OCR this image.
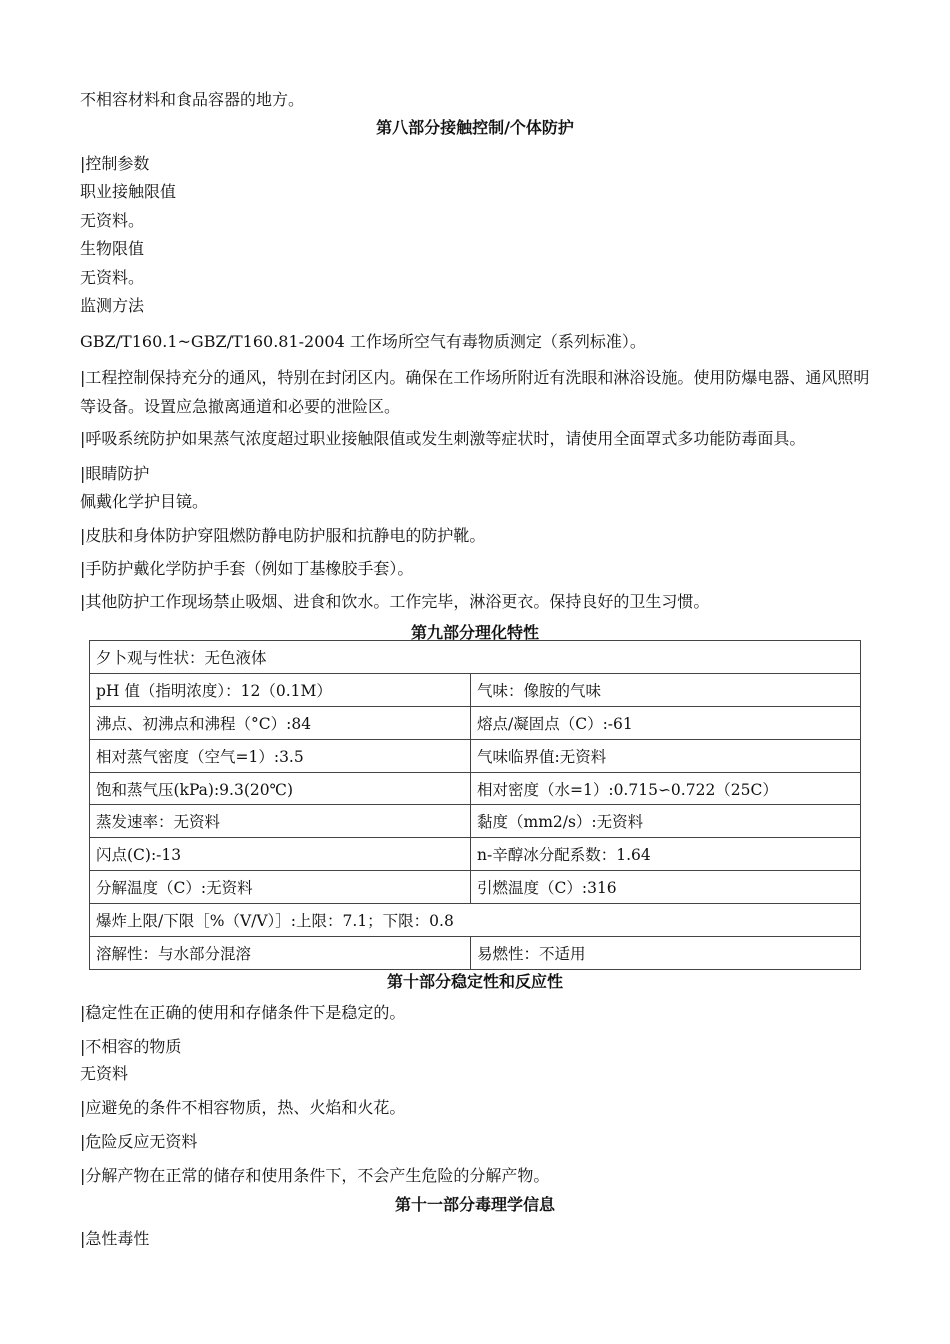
不相容材料和食品容器的地方。
第八部分接触控制/个体防护
|控制参数
职业接触限值
无资料。
生物限值
无资料。
监测方法
GBZ/T160.1~GBZ/T160.81-2004 工作场所空气有毒物质测定（系列标准）。
|工程控制保持充分的通风，特别在封闭区内。确保在工作场所附近有洗眼和淋浴设施。使用防爆电器、通风照明等设备。设置应急撤离通道和必要的泄险区。
|呼吸系统防护如果蒸气浓度超过职业接触限值或发生刺激等症状时，请使用全面罩式多功能防毒面具。
|眼睛防护
佩戴化学护目镜。
|皮肤和身体防护穿阻燃防静电防护服和抗静电的防护靴。
|手防护戴化学防护手套（例如丁基橡胶手套）。
|其他防护工作现场禁止吸烟、进食和饮水。工作完毕，淋浴更衣。保持良好的卫生习惯。
第九部分理化特性
夕卜观与性状：无色液体	
pH 值（指明浓度）：12（0.1M）	气味：像胺的气味
沸点、初沸点和沸程（°C）:84	熔点/凝固点（C）:-61
相对蒸气密度（空气=1）:3.5	气味临界值:无资料
饱和蒸气压(kPa):9.3(20℃)	相对密度（水=1）:0.715∽0.722（25C）
蒸发速率：无资料	黏度（mm2/s）:无资料
闪点(C):-13	n-辛醇冰分配系数：1.64
分解温度（C）:无资料	引燃温度（C）:316
爆炸上限/下限［%（V/V）］:上限：7.1；下限：0.8	
溶解性：与水部分混溶	易燃性：不适用
第十部分稳定性和反应性
|稳定性在正确的使用和存储条件下是稳定的。
|不相容的物质
无资料
|应避免的条件不相容物质，热、火焰和火花。
|危险反应无资料
|分解产物在正常的储存和使用条件下，不会产生危险的分解产物。
第十一部分毒理学信息
|急性毒性
